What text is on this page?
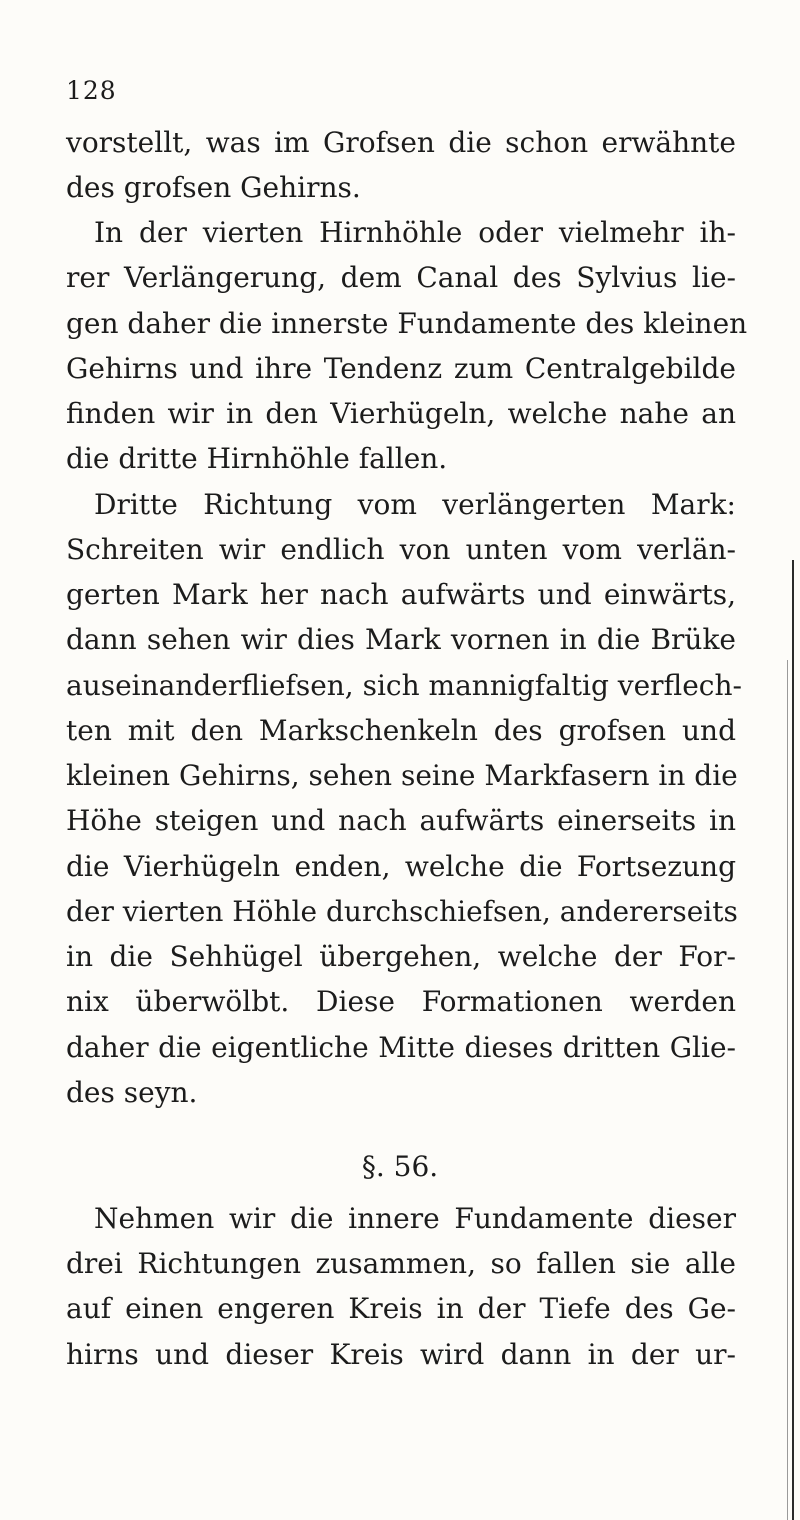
128
vorstellt, was im Grofsen die schon erwähnte
des grofsen Gehirns.
In der vierten Hirnhöhle oder vielmehr ih-
rer Verlängerung, dem Canal des Sylvius lie-
gen daher die innerste Fundamente des kleinen
Gehirns und ihre Tendenz zum Centralgebilde
finden wir in den Vierhügeln, welche nahe an
die dritte Hirnhöhle fallen.
Dritte Richtung vom verlängerten Mark:
Schreiten wir endlich von unten vom verlän-
gerten Mark her nach aufwärts und einwärts,
dann sehen wir dies Mark vornen in die Brüke
auseinanderfliefsen, sich mannigfaltig verflech-
ten mit den Markschenkeln des grofsen und
kleinen Gehirns, sehen seine Markfasern in die
Höhe steigen und nach aufwärts einerseits in
die Vierhügeln enden, welche die Fortsezung
der vierten Höhle durchschiefsen, andererseits
in die Sehhügel übergehen, welche der For-
nix überwölbt. Diese Formationen werden
daher die eigentliche Mitte dieses dritten Glie-
des seyn.
§. 56.
Nehmen wir die innere Fundamente dieser
drei Richtungen zusammen, so fallen sie alle
auf einen engeren Kreis in der Tiefe des Ge-
hirns und dieser Kreis wird dann in der ur-
